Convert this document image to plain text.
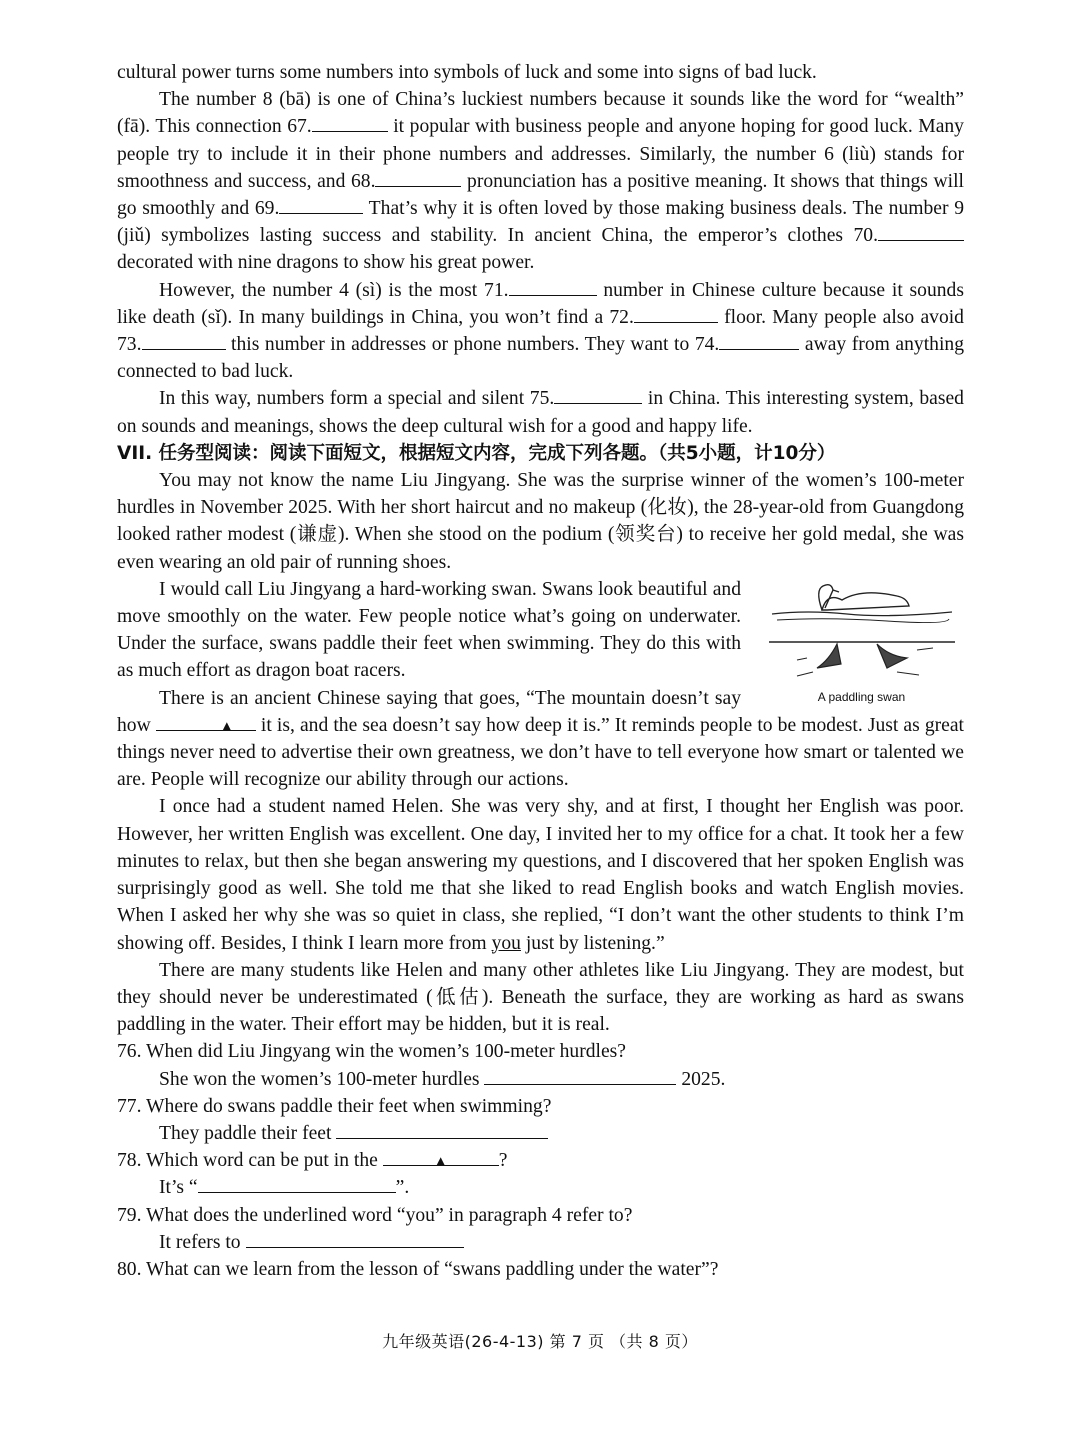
cultural power turns some numbers into symbols of luck and some into signs of bad luck.

The number 8 (bā) is one of China’s luckiest numbers because it sounds like the word for “wealth” (fā). This connection 67.	it popular with business people and anyone hoping for good luck. Many people try to include it in their phone numbers and addresses. Similarly, the number 6 (liù) stands for smoothness and success, and 68.	pronunciation has a positive meaning. It shows that things will go smoothly and 69.	That’s why it is often loved by those making business deals. The number 9 (jiǔ) symbolizes lasting success and stability. In ancient China, the emperor’s clothes 70. decorated with nine dragons to show his great power.

However, the number 4 (sì) is the most 71.	number in Chinese culture because it sounds like death (sǐ). In many buildings in China, you won’t find a 72.	floor. Many people also avoid 73.	this number in addresses or phone numbers. They want to 74.	away from anything connected to bad luck.

In this way, numbers form a special and silent 75.	in China. This interesting system, based on sounds and meanings, shows the deep cultural wish for a good and happy life.

VII. 任务型阅读：阅读下面短文，根据短文内容，完成下列各题。（共5小题，计10分）

You may not know the name Liu Jingyang. She was the surprise winner of the women’s 100-meter hurdles in November 2025. With her short haircut and no makeup (化妆), the 28-year-old from Guangdong looked rather modest (谦虚). When she stood on the podium (领奖台) to receive her gold medal, she was even wearing an old pair of running shoes.

A paddling swan

I would call Liu Jingyang a hard-working swan. Swans look beautiful and move smoothly on the water. Few people notice what’s going on underwater. Under the surface, swans paddle their feet when swimming. They do this with as much effort as dragon boat racers.

There is an ancient Chinese saying that goes, “The mountain doesn’t say how	▲ it is, and the sea doesn’t say how deep it is.” It reminds people to be modest. Just as great things never need to advertise their own greatness, we don’t have to tell everyone how smart or talented we are. People will recognize our ability through our actions.

I once had a student named Helen. She was very shy, and at first, I thought her English was poor. However, her written English was excellent. One day, I invited her to my office for a chat. It took her a few minutes to relax, but then she began answering my questions, and I discovered that her spoken English was surprisingly good as well. She told me that she liked to read English books and watch English movies. When I asked her why she was so quiet in class, she replied, “I don’t want the other students to think I’m showing off. Besides, I think I learn more from you just by listening.”

There are many students like Helen and many other athletes like Liu Jingyang. They are modest, but they should never be underestimated (低估). Beneath the surface, they are working as hard as swans paddling in the water. Their effort may be hidden, but it is real.

76. When did Liu Jingyang win the women’s 100-meter hurdles?

She won the women’s 100-meter hurdles	2025.

77. Where do swans paddle their feet when swimming?

They paddle their feet

78. Which word can be put in the	▲	?

It’s “	”.

79. What does the underlined word “you” in paragraph 4 refer to?

It refers to

80. What can we learn from the lesson of “swans paddling under the water”?

九年级英语(26-4-13) 第 7 页 （共 8 页）
